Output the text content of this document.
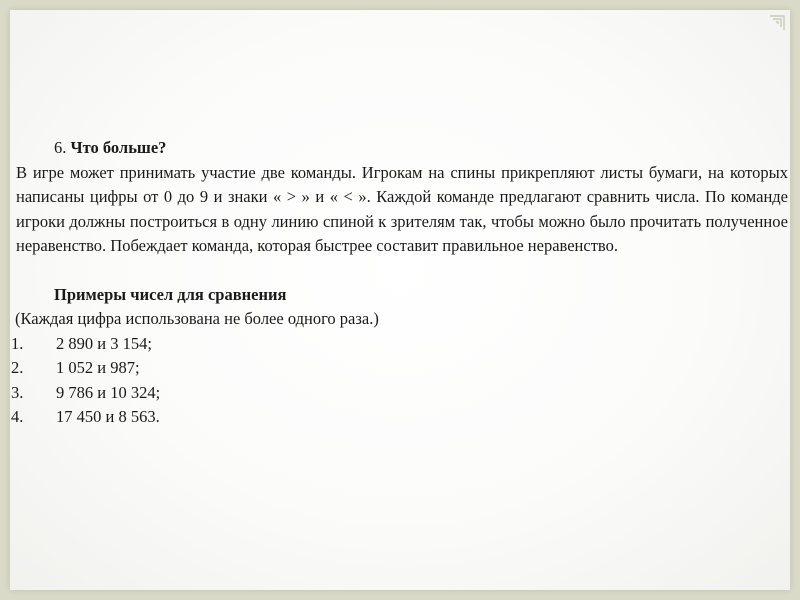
6. Что больше?

В игре может принимать участие две команды. Игрокам на спины прикрепляют листы бумаги, на которых написаны цифры от 0 до 9 и знаки « > » и « < ». Каждой команде предлагают сравнить числа. По команде игроки должны построиться в одну линию спиной к зрителям так, чтобы можно было прочитать полученное неравенство. Побеждает команда, которая быстрее составит правильное неравенство.

Примеры чисел для сравнения

(Каждая цифра использована не более одного раза.)

1. 2 890 и 3 154;
2. 1 052 и 987;
3. 9 786 и 10 324;
4. 17 450 и 8 563.
